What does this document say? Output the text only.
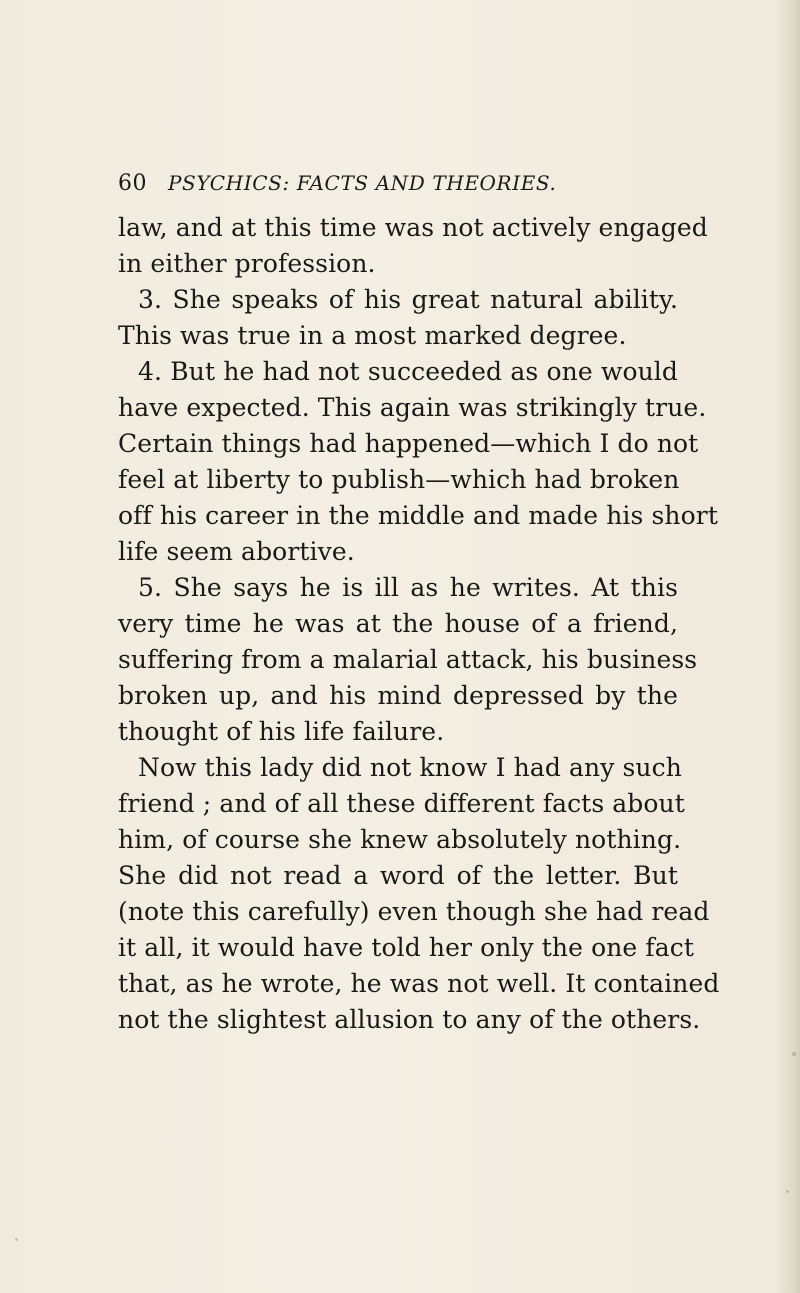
60 PSYCHICS: FACTS AND THEORIES.
law, and at this time was not actively engaged
in either profession.
3. She speaks of his great natural ability.
This was true in a most marked degree.
4. But he had not succeeded as one would
have expected. This again was strikingly true.
Certain things had happened—which I do not
feel at liberty to publish—which had broken
off his career in the middle and made his short
life seem abortive.
5. She says he is ill as he writes. At this
very time he was at the house of a friend,
suffering from a malarial attack, his business
broken up, and his mind depressed by the
thought of his life failure.
Now this lady did not know I had any such
friend ; and of all these different facts about
him, of course she knew absolutely nothing.
She did not read a word of the letter. But
(note this carefully) even though she had read
it all, it would have told her only the one fact
that, as he wrote, he was not well. It contained
not the slightest allusion to any of the others.
